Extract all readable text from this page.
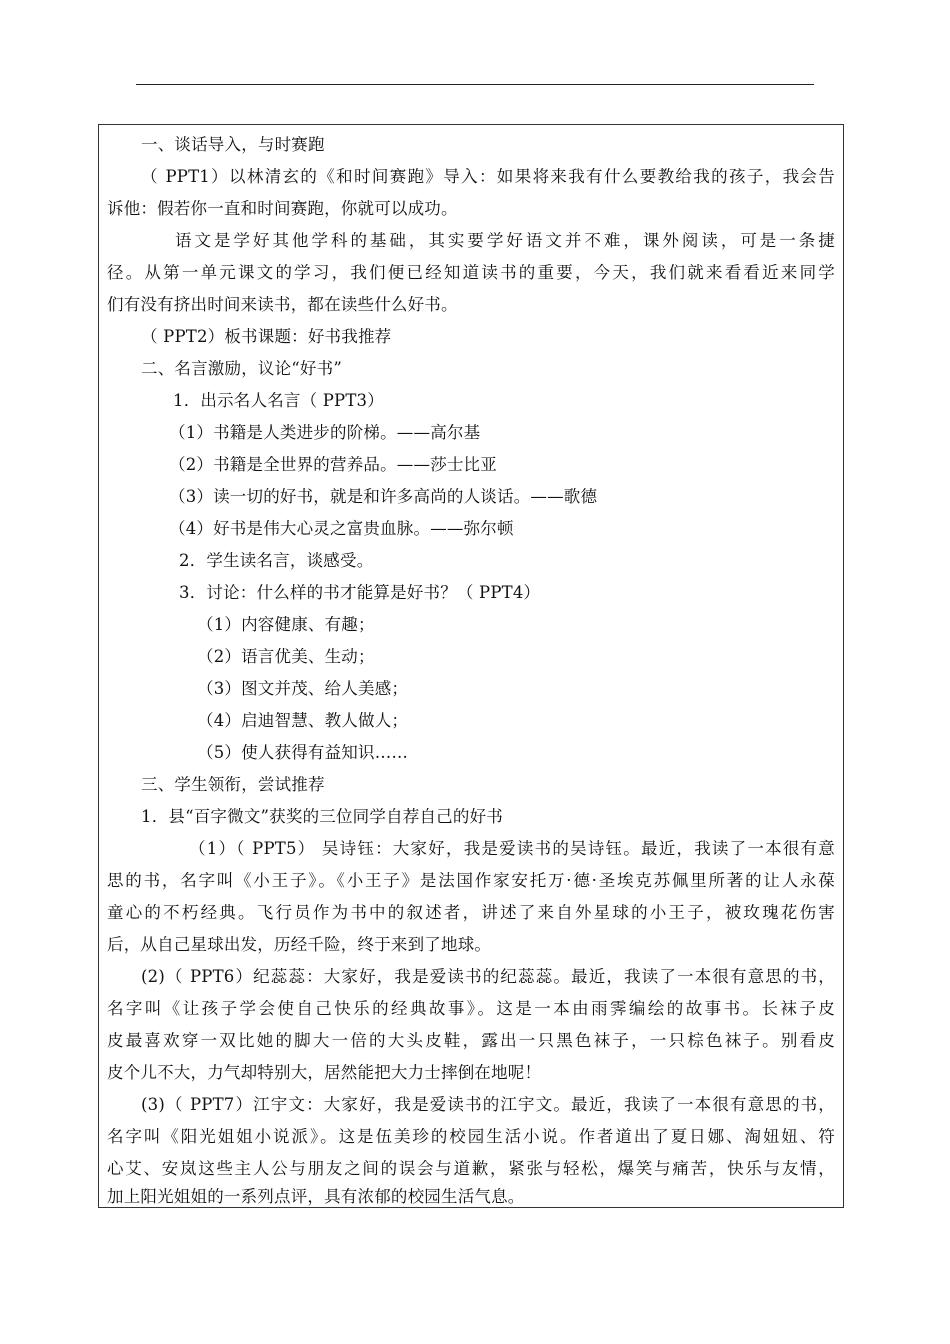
一、谈话导入，与时赛跑
（ PPT1）以林清玄的《和时间赛跑》导入：如果将来我有什么要教给我的孩子，我会告
诉他：假若你一直和时间赛跑，你就可以成功。
语文是学好其他学科的基础，其实要学好语文并不难，课外阅读，可是一条捷
径。从第一单元课文的学习，我们便已经知道读书的重要，今天，我们就来看看近来同学
们有没有挤出时间来读书，都在读些什么好书。
（ PPT2）板书课题：好书我推荐
二、名言激励，议论“好书”
1．出示名人名言（ PPT3）
（1）书籍是人类进步的阶梯。——高尔基
（2）书籍是全世界的营养品。——莎士比亚
（3）读一切的好书，就是和许多高尚的人谈话。——歌德
（4）好书是伟大心灵之富贵血脉。——弥尔顿
2．学生读名言，谈感受。
3．讨论：什么样的书才能算是好书？（ PPT4）
（1）内容健康、有趣；
（2）语言优美、生动；
（3）图文并茂、给人美感；
（4）启迪智慧、教人做人；
（5）使人获得有益知识……
三、学生领衔，尝试推荐
1．县“百字微文”获奖的三位同学自荐自己的好书
（1）（ PPT5） 吴诗钰：大家好，我是爱读书的吴诗钰。最近，我读了一本很有意
思的书，名字叫《小王子》。《小王子》是法国作家安托万·德·圣埃克苏佩里所著的让人永葆
童心的不朽经典。飞行员作为书中的叙述者，讲述了来自外星球的小王子，被玫瑰花伤害
后，从自己星球出发，历经千险，终于来到了地球。
(2)（ PPT6）纪蕊蕊：大家好，我是爱读书的纪蕊蕊。最近，我读了一本很有意思的书，
名字叫《让孩子学会使自己快乐的经典故事》。这是一本由雨霁编绘的故事书。长袜子皮
皮最喜欢穿一双比她的脚大一倍的大头皮鞋，露出一只黑色袜子，一只棕色袜子。别看皮
皮个儿不大，力气却特别大，居然能把大力士摔倒在地呢！
(3)（ PPT7）江宇文：大家好，我是爱读书的江宇文。最近，我读了一本很有意思的书，
名字叫《阳光姐姐小说派》。这是伍美珍的校园生活小说。作者道出了夏日娜、淘妞妞、符
心艾、安岚这些主人公与朋友之间的误会与道歉，紧张与轻松，爆笑与痛苦，快乐与友情，
加上阳光姐姐的一系列点评，具有浓郁的校园生活气息。
